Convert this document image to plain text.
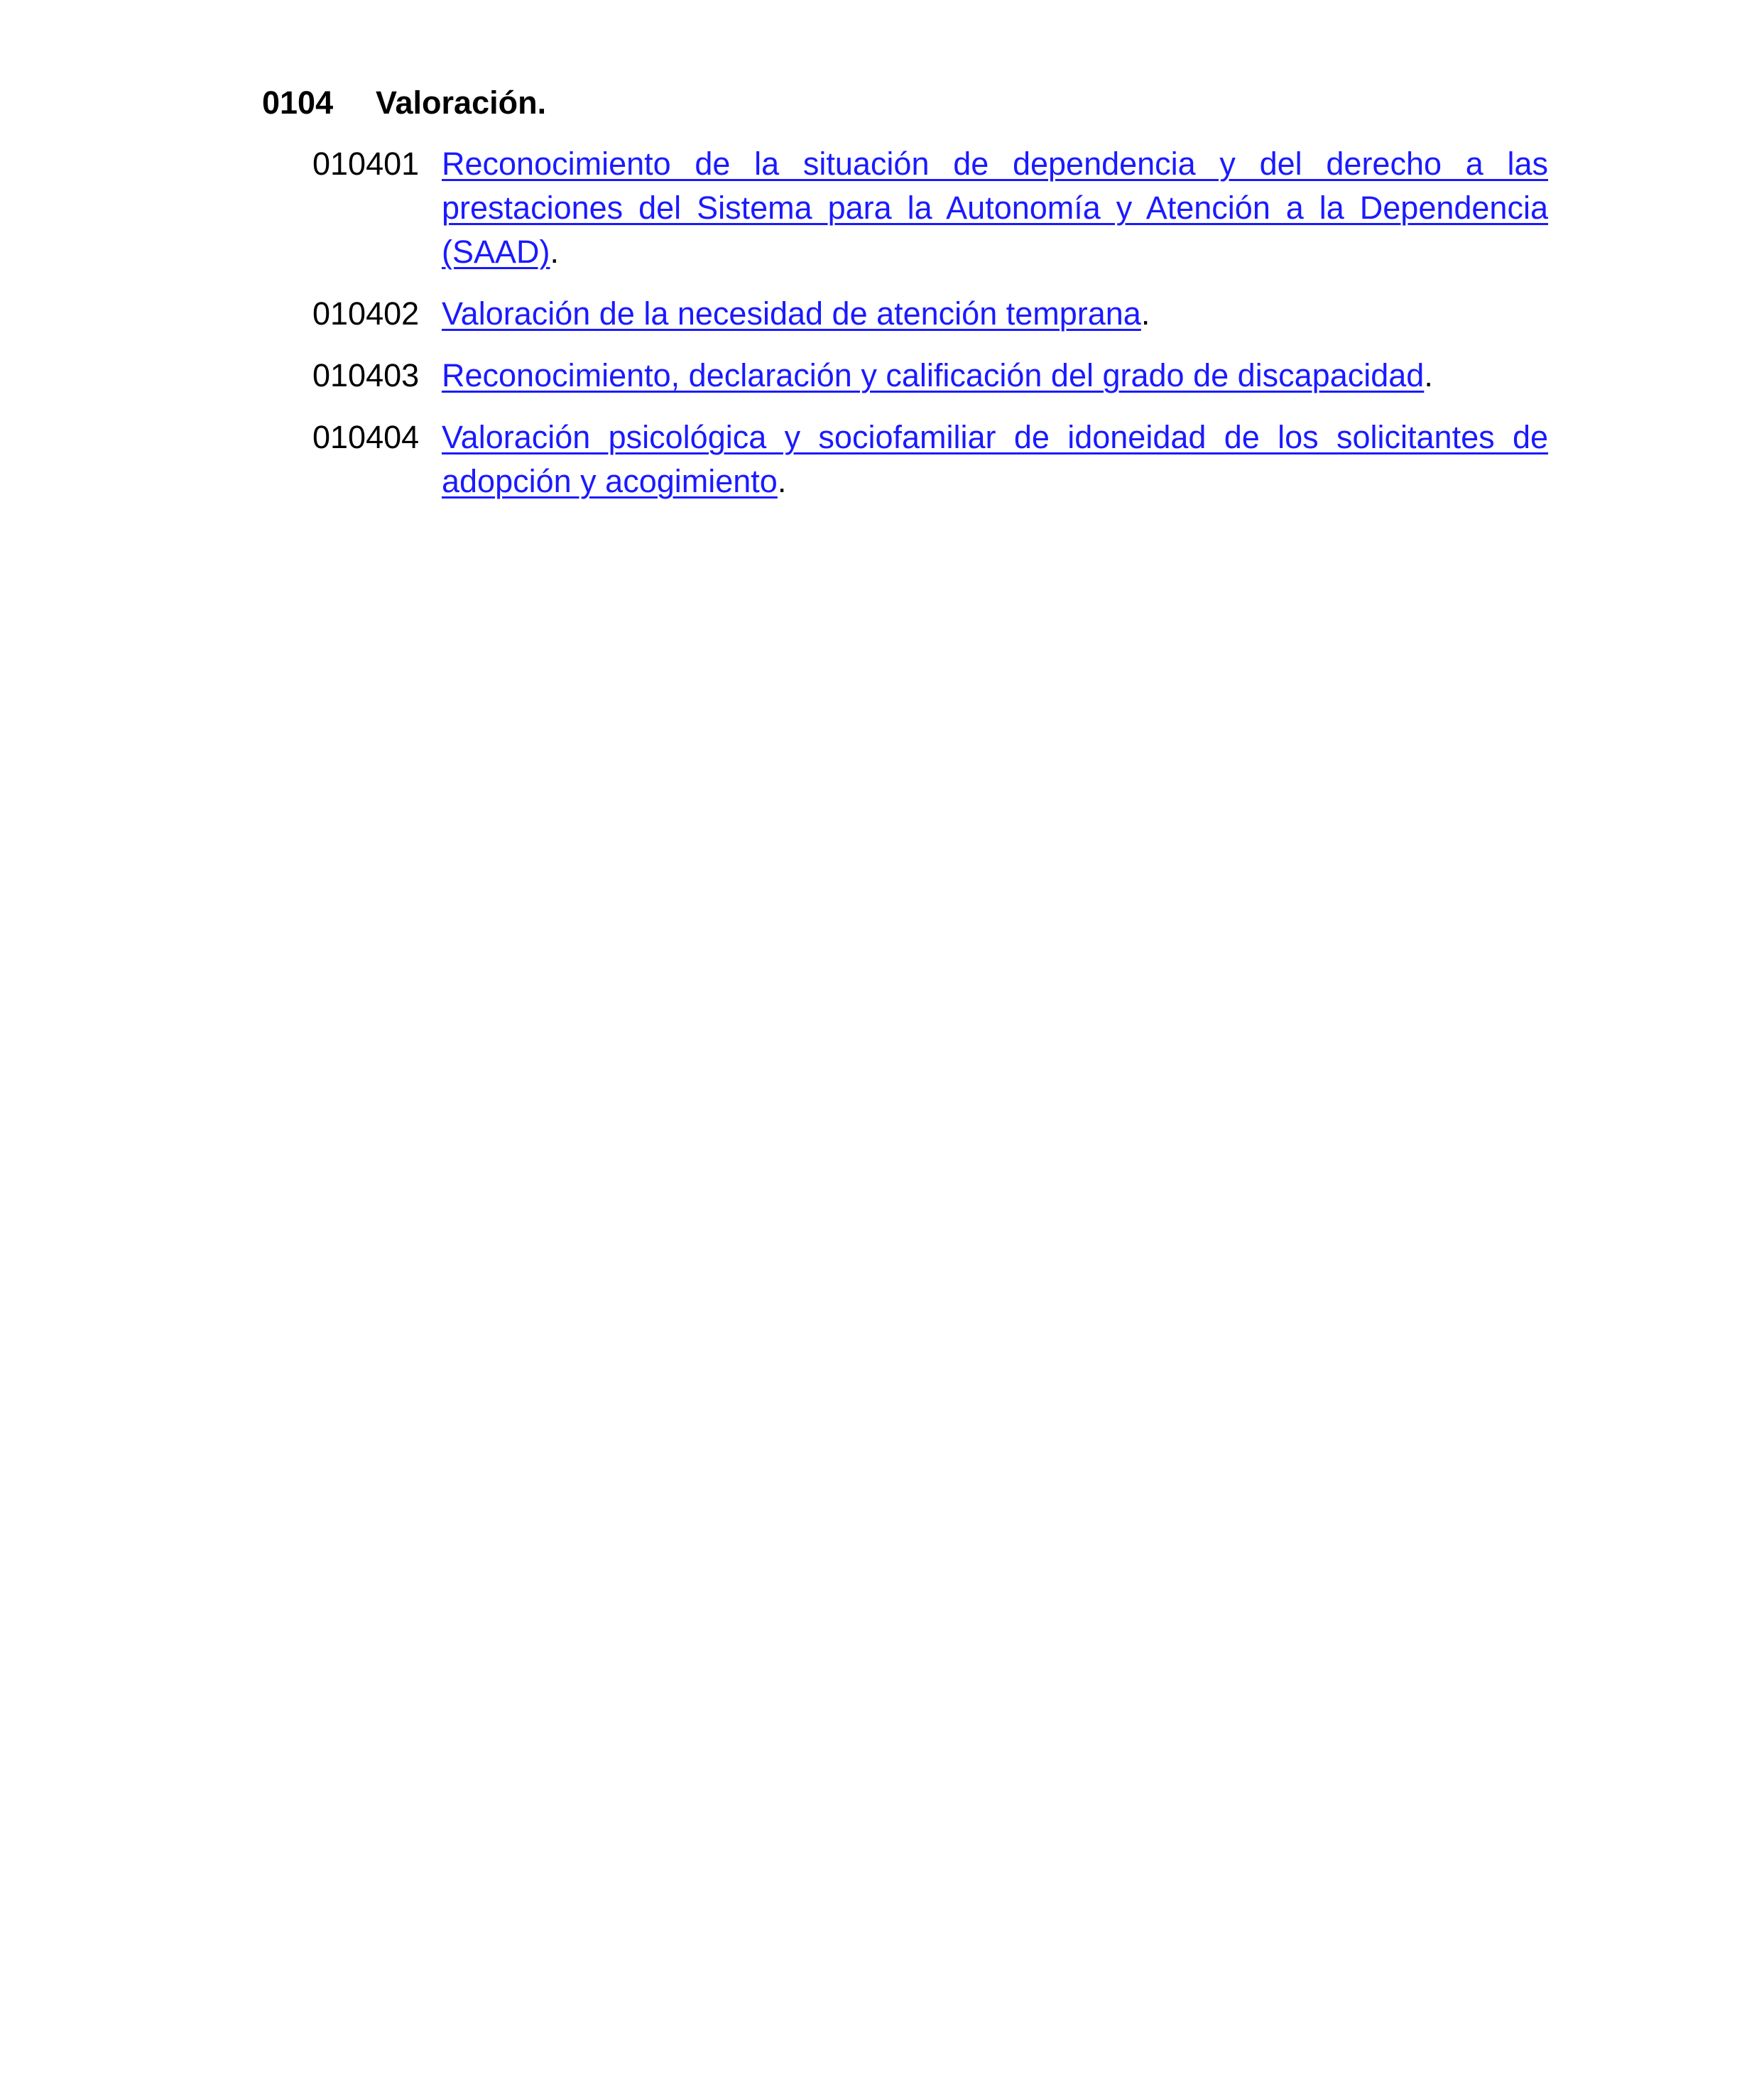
0104 Valoración.
010401 Reconocimiento de la situación de dependencia y del derecho a las prestaciones del Sistema para la Autonomía y Atención a la Dependencia (SAAD).
010402 Valoración de la necesidad de atención temprana.
010403 Reconocimiento, declaración y calificación del grado de discapacidad.
010404 Valoración psicológica y sociofamiliar de idoneidad de los solicitantes de adopción y acogimiento.
